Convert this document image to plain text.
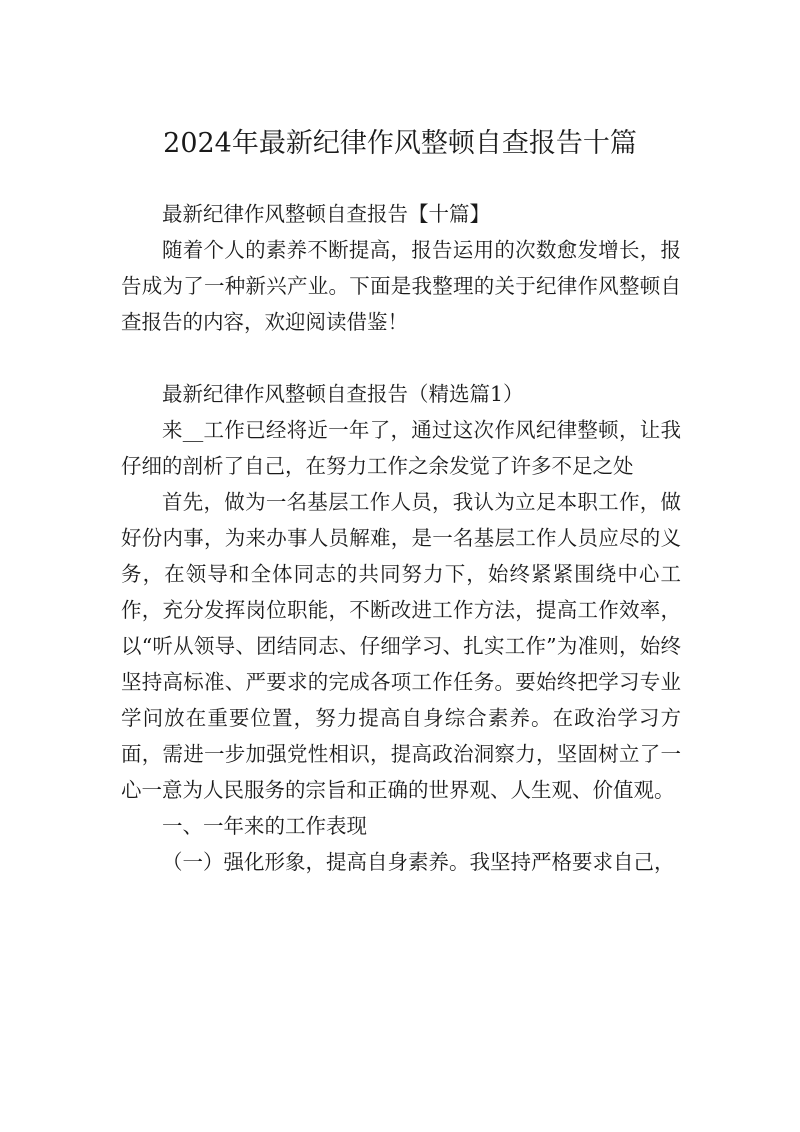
2024年最新纪律作风整顿自查报告十篇

最新纪律作风整顿自查报告【十篇】

随着个人的素养不断提高，报告运用的次数愈发增长，报告成为了一种新兴产业。下面是我整理的关于纪律作风整顿自查报告的内容，欢迎阅读借鉴！

最新纪律作风整顿自查报告（精选篇1）

来__工作已经将近一年了，通过这次作风纪律整顿，让我仔细的剖析了自己，在努力工作之余发觉了许多不足之处

首先，做为一名基层工作人员，我认为立足本职工作，做好份内事，为来办事人员解难，是一名基层工作人员应尽的义务，在领导和全体同志的共同努力下，始终紧紧围绕中心工作，充分发挥岗位职能，不断改进工作方法，提高工作效率，以“听从领导、团结同志、仔细学习、扎实工作”为准则，始终坚持高标准、严要求的完成各项工作任务。要始终把学习专业学问放在重要位置，努力提高自身综合素养。在政治学习方面，需进一步加强党性相识，提高政治洞察力，坚固树立了一心一意为人民服务的宗旨和正确的世界观、人生观、价值观。

一、一年来的工作表现

（一）强化形象，提高自身素养。我坚持严格要求自己，
